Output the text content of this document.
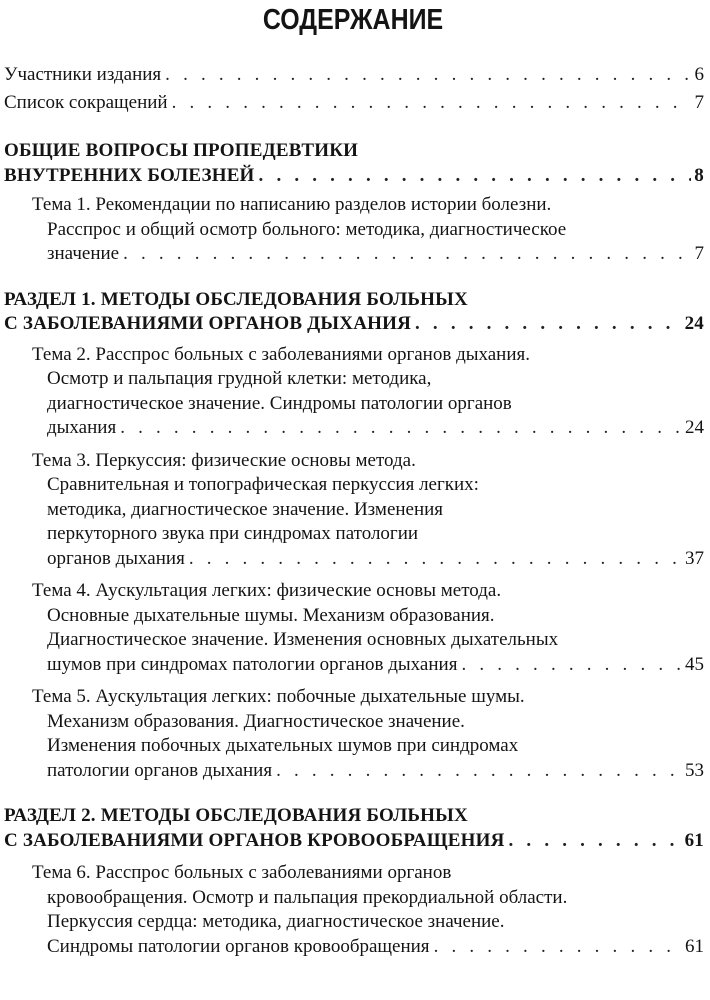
СОДЕРЖАНИЕ
Участники издания . . .	6
Список сокращений . . .	7
ОБЩИЕ ВОПРОСЫ ПРОПЕДЕВТИКИ
ВНУТРЕННИХ БОЛЕЗНЕЙ . . .	8
Тема 1. Рекомендации по написанию разделов истории болезни.
Расспрос и общий осмотр больного: методика, диагностическое
значение . . .	7
РАЗДЕЛ 1. МЕТОДЫ ОБСЛЕДОВАНИЯ БОЛЬНЫХ
С ЗАБОЛЕВАНИЯМИ ОРГАНОВ ДЫХАНИЯ . . .	24
Тема 2. Расспрос больных с заболеваниями органов дыхания.
Осмотр и пальпация грудной клетки: методика,
диагностическое значение. Синдромы патологии органов
дыхания . . .	24
Тема 3. Перкуссия: физические основы метода.
Сравнительная и топографическая перкуссия легких:
методика, диагностическое значение. Изменения
перкуторного звука при синдромах патологии
органов дыхания . . .	37
Тема 4. Аускультация легких: физические основы метода.
Основные дыхательные шумы. Механизм образования.
Диагностическое значение. Изменения основных дыхательных
шумов при синдромах патологии органов дыхания . . .	45
Тема 5. Аускультация легких: побочные дыхательные шумы.
Механизм образования. Диагностическое значение.
Изменения побочных дыхательных шумов при синдромах
патологии органов дыхания . . .	53
РАЗДЕЛ 2. МЕТОДЫ ОБСЛЕДОВАНИЯ БОЛЬНЫХ
С ЗАБОЛЕВАНИЯМИ ОРГАНОВ КРОВООБРАЩЕНИЯ . . .	61
Тема 6. Расспрос больных с заболеваниями органов
кровообращения. Осмотр и пальпация прекордиальной области.
Перкуссия сердца: методика, диагностическое значение.
Синдромы патологии органов кровообращения . . .	61
